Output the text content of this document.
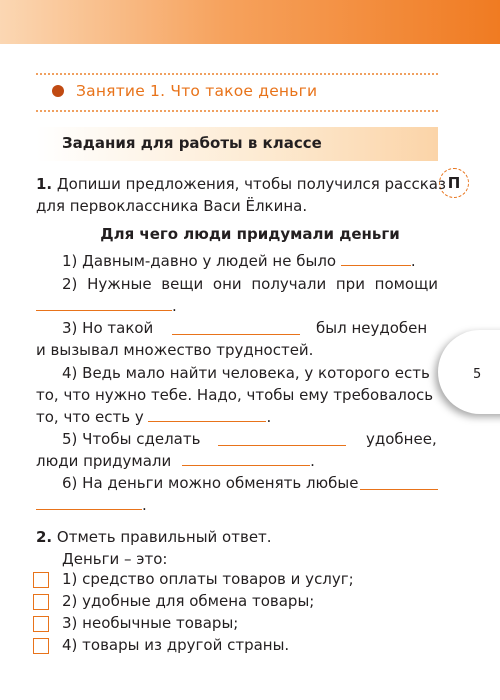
Занятие 1. Что такое деньги
Задания для работы в классе
П
5
1. Допиши предложения, чтобы получился рассказ
для первоклассника Васи Ёлкина.
Для чего люди придумали деньги
1) Давным-давно у людей не было	.
2) Нужные вещи они получали при помощи
.
3) Но такой	был неудобен
и вызывал множество трудностей.
4) Ведь мало найти человека, у которого есть
то, что нужно тебе. Надо, чтобы ему требовалось
то, что есть у	.
5) Чтобы сделать	удобнее,
люди придумали	.
6) На деньги можно обменять любые
.
2. Отметь правильный ответ.
Деньги – это:
1) средство оплаты товаров и услуг;
2) удобные для обмена товары;
3) необычные товары;
4) товары из другой страны.
